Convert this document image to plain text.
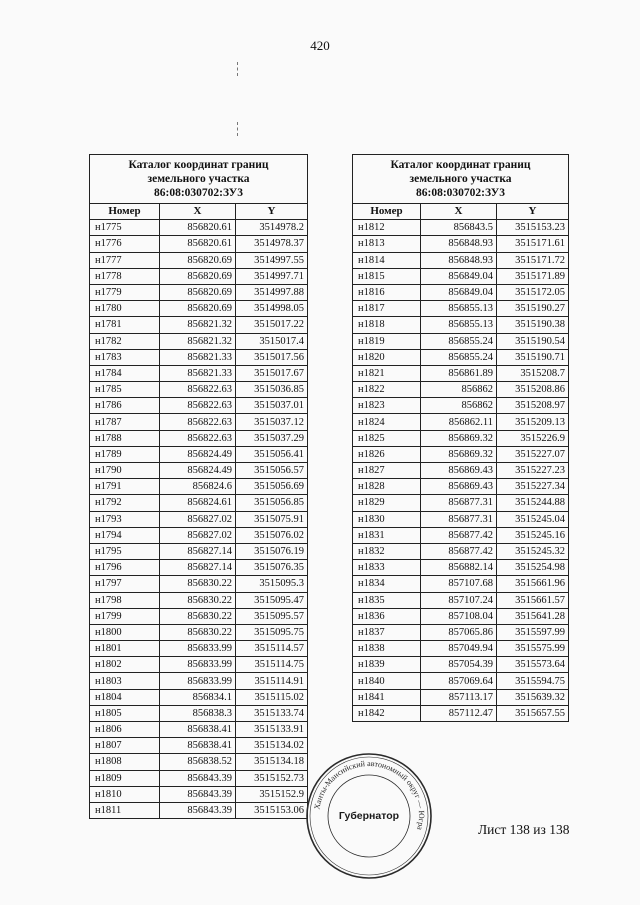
420
Каталог координат границ
земельного участка
86:08:030702:ЗУ3		

Номер	X	Y
н1775	856820.61	3514978.2
н1776	856820.61	3514978.37
н1777	856820.69	3514997.55
н1778	856820.69	3514997.71
н1779	856820.69	3514997.88
н1780	856820.69	3514998.05
н1781	856821.32	3515017.22
н1782	856821.32	3515017.4
н1783	856821.33	3515017.56
н1784	856821.33	3515017.67
н1785	856822.63	3515036.85
н1786	856822.63	3515037.01
н1787	856822.63	3515037.12
н1788	856822.63	3515037.29
н1789	856824.49	3515056.41
н1790	856824.49	3515056.57
н1791	856824.6	3515056.69
н1792	856824.61	3515056.85
н1793	856827.02	3515075.91
н1794	856827.02	3515076.02
н1795	856827.14	3515076.19
н1796	856827.14	3515076.35
н1797	856830.22	3515095.3
н1798	856830.22	3515095.47
н1799	856830.22	3515095.57
н1800	856830.22	3515095.75
н1801	856833.99	3515114.57
н1802	856833.99	3515114.75
н1803	856833.99	3515114.91
н1804	856834.1	3515115.02
н1805	856838.3	3515133.74
н1806	856838.41	3515133.91
н1807	856838.41	3515134.02
н1808	856838.52	3515134.18
н1809	856843.39	3515152.73
н1810	856843.39	3515152.9
н1811	856843.39	3515153.06
Каталог координат границ
земельного участка
86:08:030702:ЗУ3		

Номер	X	Y
н1812	856843.5	3515153.23
н1813	856848.93	3515171.61
н1814	856848.93	3515171.72
н1815	856849.04	3515171.89
н1816	856849.04	3515172.05
н1817	856855.13	3515190.27
н1818	856855.13	3515190.38
н1819	856855.24	3515190.54
н1820	856855.24	3515190.71
н1821	856861.89	3515208.7
н1822	856862	3515208.86
н1823	856862	3515208.97
н1824	856862.11	3515209.13
н1825	856869.32	3515226.9
н1826	856869.32	3515227.07
н1827	856869.43	3515227.23
н1828	856869.43	3515227.34
н1829	856877.31	3515244.88
н1830	856877.31	3515245.04
н1831	856877.42	3515245.16
н1832	856877.42	3515245.32
н1833	856882.14	3515254.98
н1834	857107.68	3515661.96
н1835	857107.24	3515661.57
н1836	857108.04	3515641.28
н1837	857065.86	3515597.99
н1838	857049.94	3515575.99
н1839	857054.39	3515573.64
н1840	857069.64	3515594.75
н1841	857113.17	3515639.32
н1842	857112.47	3515657.55
Ханты-Мансийский автономный округ — Югра
Губернатор
Лист 138 из 138
